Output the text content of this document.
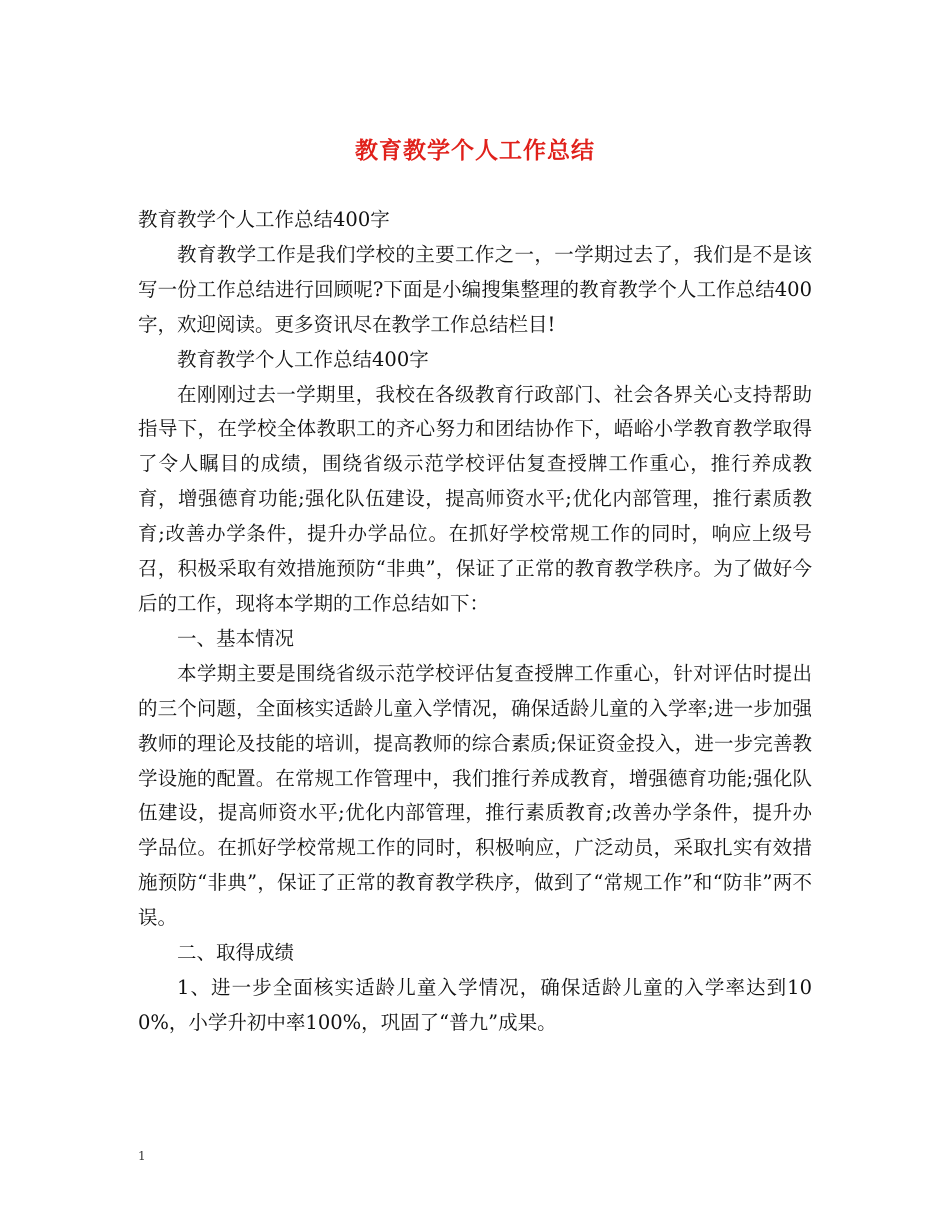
教育教学个人工作总结

教育教学个人工作总结400字

教育教学工作是我们学校的主要工作之一，一学期过去了，我们是不是该写一份工作总结进行回顾呢?下面是小编搜集整理的教育教学个人工作总结400字，欢迎阅读。更多资讯尽在教学工作总结栏目!

教育教学个人工作总结400字

在刚刚过去一学期里，我校在各级教育行政部门、社会各界关心支持帮助指导下，在学校全体教职工的齐心努力和团结协作下，峿峪小学教育教学取得了令人瞩目的成绩，围绕省级示范学校评估复查授牌工作重心，推行养成教育，增强德育功能;强化队伍建设，提高师资水平;优化内部管理，推行素质教育;改善办学条件，提升办学品位。在抓好学校常规工作的同时，响应上级号召，积极采取有效措施预防“非典”，保证了正常的教育教学秩序。为了做好今后的工作，现将本学期的工作总结如下：

一、基本情况

本学期主要是围绕省级示范学校评估复查授牌工作重心，针对评估时提出的三个问题，全面核实适龄儿童入学情况，确保适龄儿童的入学率;进一步加强教师的理论及技能的培训，提高教师的综合素质;保证资金投入，进一步完善教学设施的配置。在常规工作管理中，我们推行养成教育，增强德育功能;强化队伍建设，提高师资水平;优化内部管理，推行素质教育;改善办学条件，提升办学品位。在抓好学校常规工作的同时，积极响应，广泛动员，采取扎实有效措施预防“非典”，保证了正常的教育教学秩序，做到了“常规工作”和“防非”两不误。

二、取得成绩

1、进一步全面核实适龄儿童入学情况，确保适龄儿童的入学率达到100%，小学升初中率100%，巩固了“普九”成果。

1
